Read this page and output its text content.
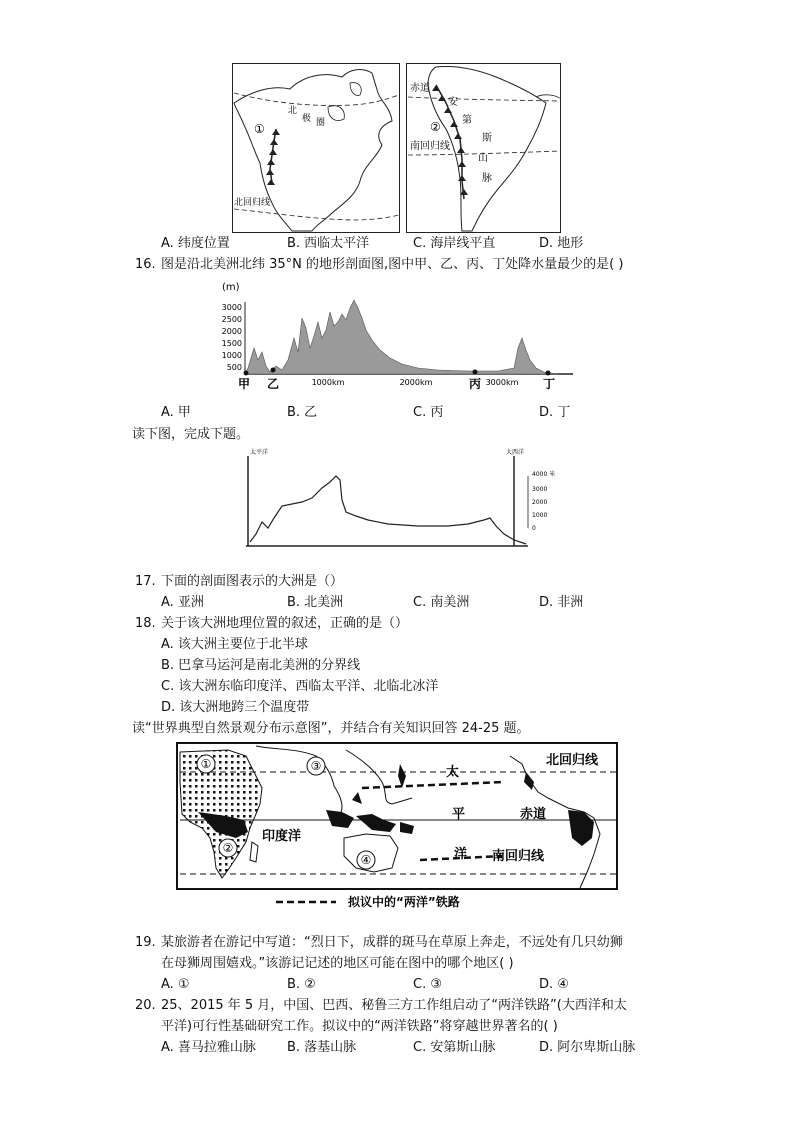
①
北
极 圈
北回归线
赤道
安
第
斯
山
脉
南回归线
②
A. 纬度位置	B. 西临太平洋	C. 海岸线平直	D. 地形
16. 图是沿北美洲北纬 35°N 的地形剖面图,图中甲、乙、丙、丁处降水量最少的是( )
(m)
3000
2500
2000
1500
1000
500
1000km	2000km	3000km
甲 乙	丙	丁
A. 甲	B. 乙	C. 丙	D. 丁
读下图，完成下题。
太平洋	大西洋
4000 米
3000
2000
1000
0
17. 下面的剖面图表示的大洲是（）
A. 亚洲	B. 北美洲	C. 南美洲	D. 非洲
18. 关于该大洲地理位置的叙述，正确的是（）
A. 该大洲主要位于北半球
B. 巴拿马运河是南北美洲的分界线
C. 该大洲东临印度洋、西临太平洋、北临北冰洋
D. 该大洲地跨三个温度带
读“世界典型自然景观分布示意图”，并结合有关知识回答 24-25 题。
①
②
③
④
太
平
洋
北回归线
赤道
南回归线
印度洋
拟议中的“两洋”铁路
19. 某旅游者在游记中写道：“烈日下，成群的斑马在草原上奔走，不远处有几只幼狮
在母狮周围嬉戏。”该游记记述的地区可能在图中的哪个地区( )
A. ①	B. ②	C. ③	D. ④
20. 25、2015 年 5 月，中国、巴西、秘鲁三方工作组启动了“两洋铁路”(大西洋和太
平洋)可行性基础研究工作。拟议中的“两洋铁路”将穿越世界著名的( )
A. 喜马拉雅山脉 B. 落基山脉	C. 安第斯山脉	D. 阿尔卑斯山脉
